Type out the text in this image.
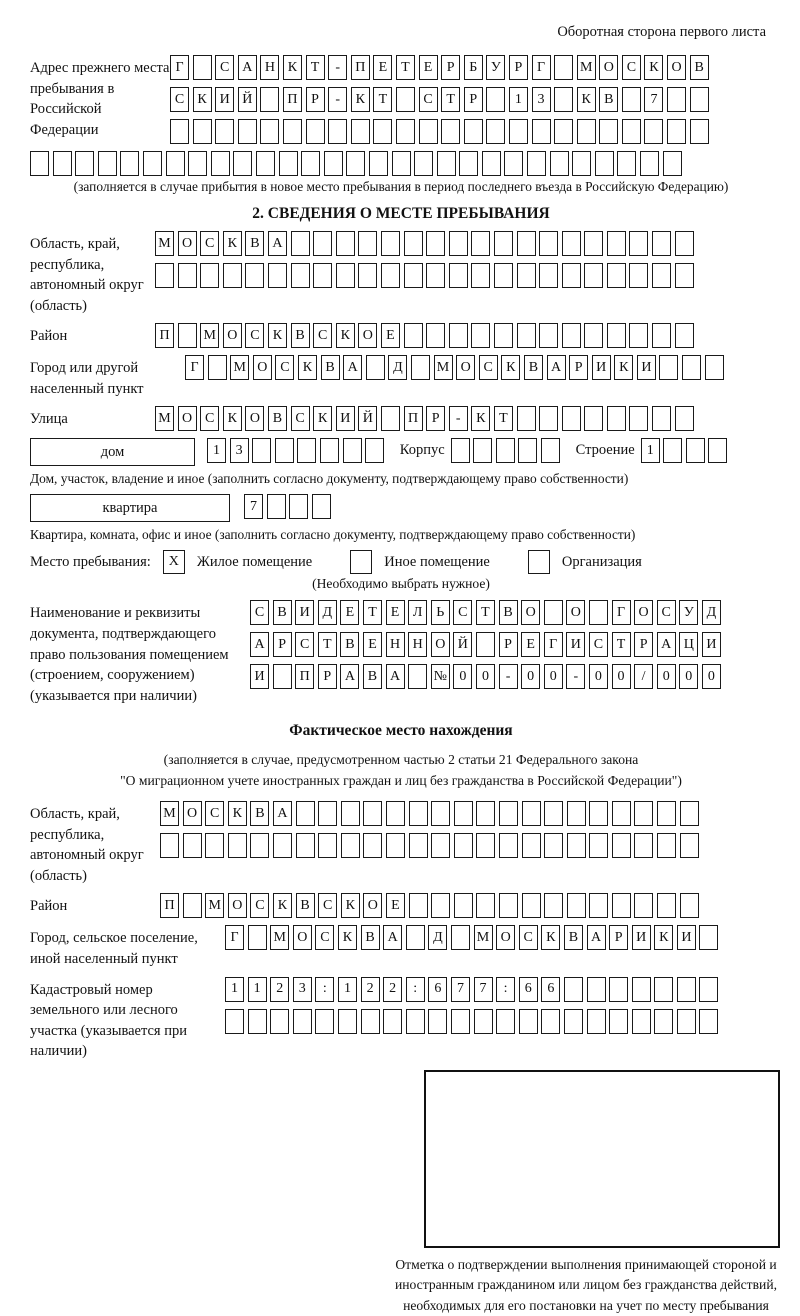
Оборотная сторона первого листа
Адрес прежнего места пребывания в Российской Федерации
Г	С А Н К Т	-	П Е	Т	Е	Р	Б У Р	Г	М О С К О В
С К И Й	П Р	-	К Т	С Т	Р	1	3	К В	7
(заполняется в случае прибытия в новое место пребывания в период последнего въезда в Российскую Федерацию)
2. СВЕДЕНИЯ О МЕСТЕ ПРЕБЫВАНИЯ
Область, край, республика, автономный округ (область)
М О С К В А
Район	П	М О С К В С К О Е
Город или другой населенный пункт
Г	М О С К В А	Д	М О С К В А Р И К И
Улица	М О С К О В С К И Й	П Р	-	К Т
дом	1	3	Корпус	Строение 1
Дом, участок, владение и иное (заполнить согласно документу, подтверждающему право собственности)
квартира	7
Квартира, комната, офис и иное (заполнить согласно документу, подтверждающему право собственности)
Место пребывания:	X	Жилое помещение	Иное помещение	Организация
(Необходимо выбрать нужное)
Наименование и реквизиты документа, подтверждающего право пользования помещением (строением, сооружением) (указывается при наличии)
С В И Д Е	Т	Е Л Ь С Т В О	О	Г О С У Д
А Р	С Т В Е Н Н О Й	Р	Е	Г И С Т	Р А Ц И
И	П Р А В А	№ 0	0	-	0	0	-	0	0	/	0	0	0
Фактическое место нахождения
(заполняется в случае, предусмотренном частью 2 статьи 21 Федерального закона
"О миграционном учете иностранных граждан и лиц без гражданства в Российской Федерации")
Область, край, республика, автономный округ (область)
М О С К В А
Район	П	М О С К В С К О Е
Город, сельское поселение, иной населенный пункт
Г	М О С К В А	Д	М О С К В А Р И К И
Кадастровый номер земельного или лесного участка (указывается при наличии)
1	1	2	3	:	1	2	2	:	6	7	7	:	6	6
Отметка о подтверждении выполнения принимающей стороной и иностранным гражданином или лицом без гражданства действий, необходимых для его постановки на учет по месту пребывания
